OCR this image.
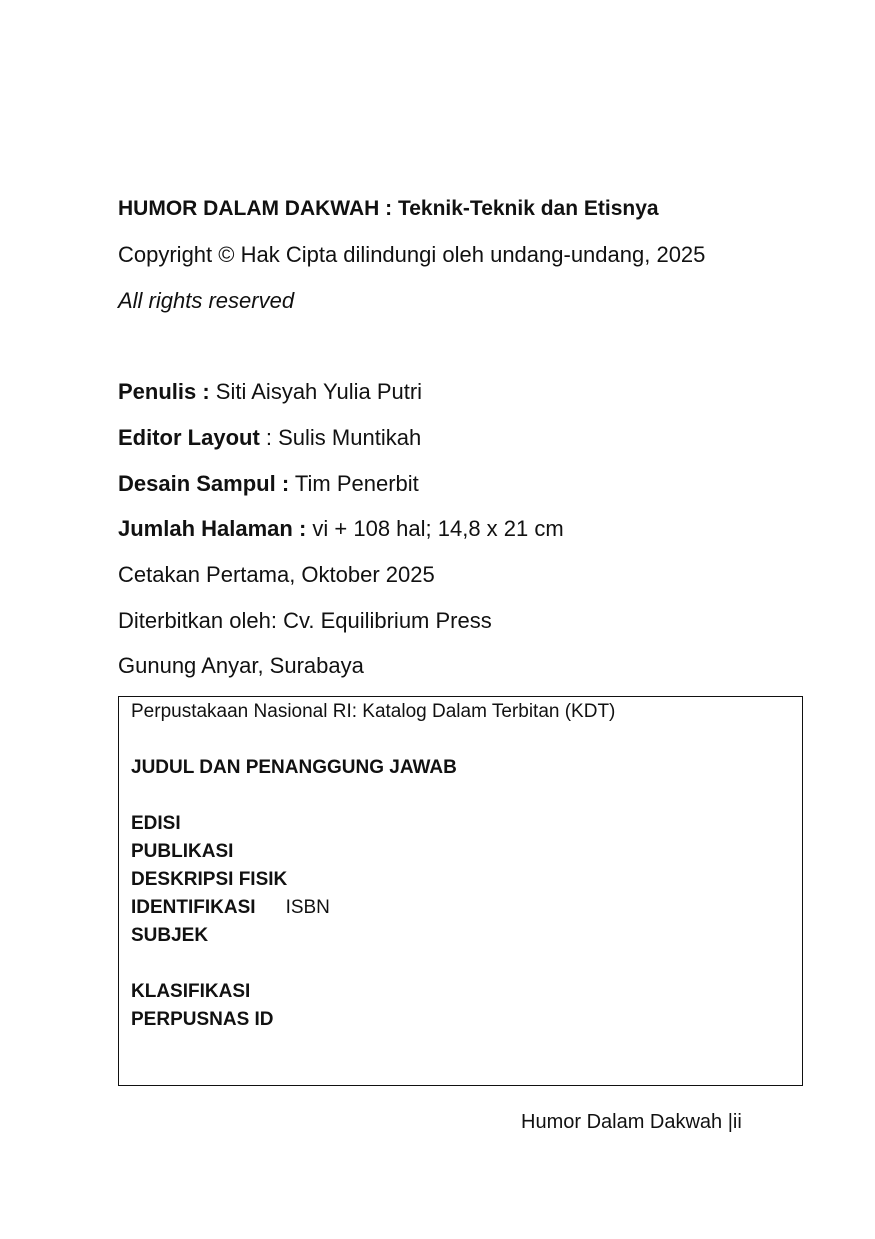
HUMOR DALAM DAKWAH : Teknik-Teknik dan Etisnya
Copyright © Hak Cipta dilindungi oleh undang-undang, 2025
All rights reserved
Penulis : Siti Aisyah Yulia Putri
Editor Layout : Sulis Muntikah
Desain Sampul : Tim Penerbit
Jumlah Halaman : vi + 108 hal; 14,8 x 21 cm
Cetakan Pertama, Oktober 2025
Diterbitkan oleh: Cv. Equilibrium Press
Gunung Anyar, Surabaya
Perpustakaan Nasional RI: Katalog Dalam Terbitan (KDT)
JUDUL DAN PENANGGUNG JAWAB
EDISI
PUBLIKASI
DESKRIPSI FISIK
IDENTIFIKASI ISBN
SUBJEK
KLASIFIKASI
PERPUSNAS ID
Humor Dalam Dakwah |ii
